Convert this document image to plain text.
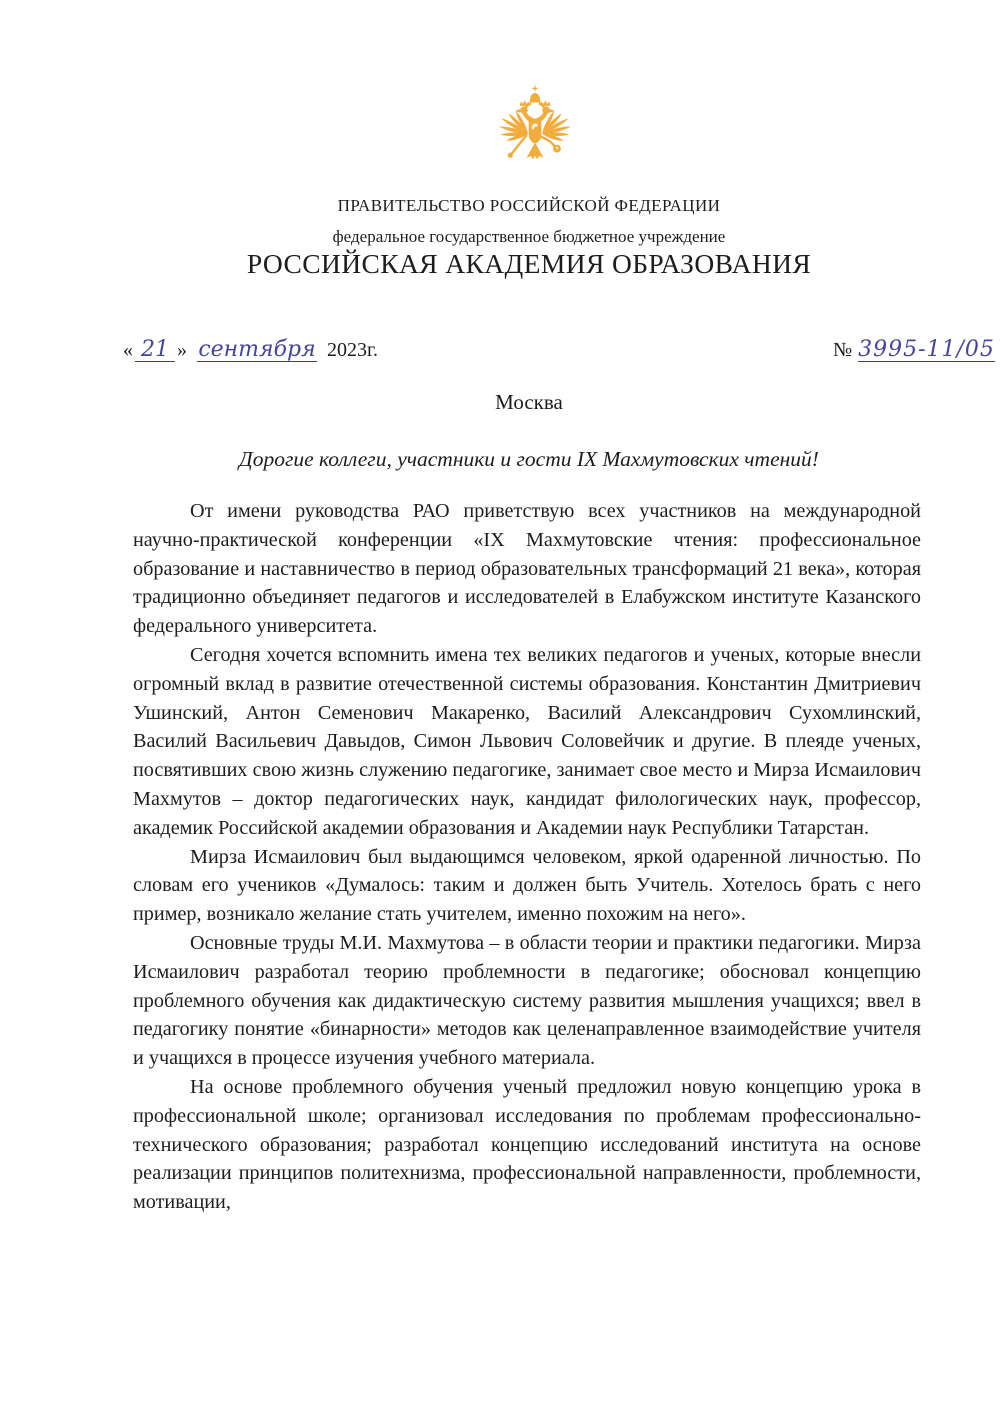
ПРАВИТЕЛЬСТВО РОССИЙСКОЙ ФЕДЕРАЦИИ
федеральное государственное бюджетное учреждение
РОССИЙСКАЯ АКАДЕМИЯ ОБРАЗОВАНИЯ
« 21 » сентября 2023г.	№ 3995-11/05
Москва
Дорогие коллеги, участники и гости IX Махмутовских чтений!

От имени руководства РАО приветствую всех участников на международной научно-практической конференции «IX Махмутовские чтения: профессиональное образование и наставничество в период образовательных трансформаций 21 века», которая традиционно объединяет педагогов и исследователей в Елабужском институте Казанского федерального университета.

Сегодня хочется вспомнить имена тех великих педагогов и ученых, которые внесли огромный вклад в развитие отечественной системы образования. Константин Дмитриевич Ушинский, Антон Семенович Макаренко, Василий Александрович Сухомлинский, Василий Васильевич Давыдов, Симон Львович Соловейчик и другие. В плеяде ученых, посвятивших свою жизнь служению педагогике, занимает свое место и Мирза Исмаилович Махмутов – доктор педагогических наук, кандидат филологических наук, профессор, академик Российской академии образования и Академии наук Республики Татарстан.

Мирза Исмаилович был выдающимся человеком, яркой одаренной личностью. По словам его учеников «Думалось: таким и должен быть Учитель. Хотелось брать с него пример, возникало желание стать учителем, именно похожим на него».

Основные труды М.И. Махмутова – в области теории и практики педагогики. Мирза Исмаилович разработал теорию проблемности в педагогике; обосновал концепцию проблемного обучения как дидактическую систему развития мышления учащихся; ввел в педагогику понятие «бинарности» методов как целенаправленное взаимодействие учителя и учащихся в процессе изучения учебного материала.

На основе проблемного обучения ученый предложил новую концепцию урока в профессиональной школе; организовал исследования по проблемам профессионально-технического образования; разработал концепцию исследований института на основе реализации принципов политехнизма, профессиональной направленности, проблемности, мотивации,
